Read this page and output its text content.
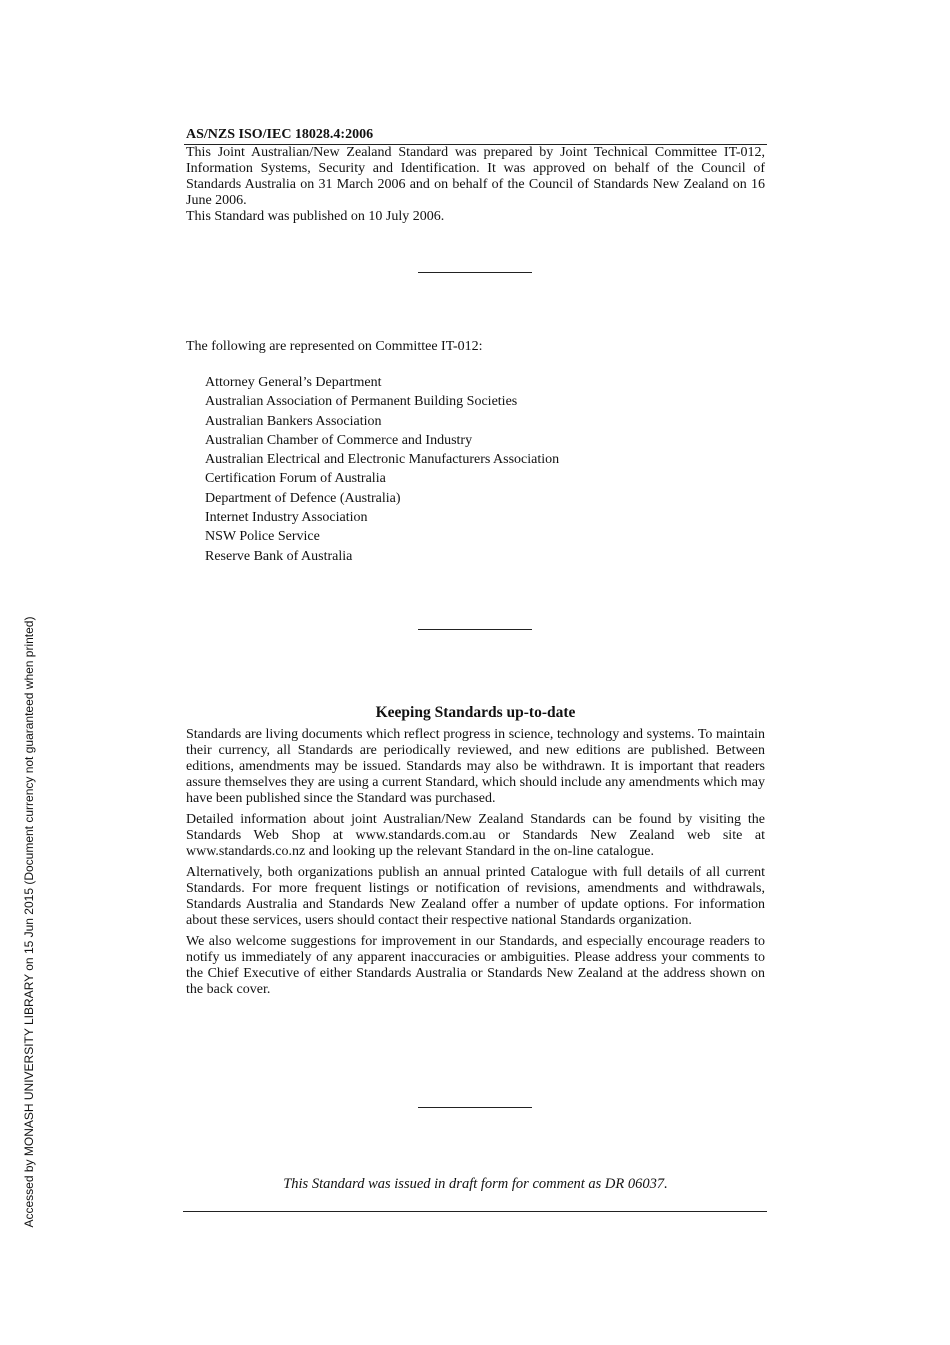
AS/NZS ISO/IEC 18028.4:2006

This Joint Australian/New Zealand Standard was prepared by Joint Technical Committee IT-012, Information Systems, Security and Identification. It was approved on behalf of the Council of Standards Australia on 31 March 2006 and on behalf of the Council of Standards New Zealand on 16 June 2006.

This Standard was published on 10 July 2006.

The following are represented on Committee IT-012:
Attorney General’s Department
Australian Association of Permanent Building Societies
Australian Bankers Association
Australian Chamber of Commerce and Industry
Australian Electrical and Electronic Manufacturers Association
Certification Forum of Australia
Department of Defence (Australia)
Internet Industry Association
NSW Police Service
Reserve Bank of Australia
Keeping Standards up-to-date

Standards are living documents which reflect progress in science, technology and systems. To maintain their currency, all Standards are periodically reviewed, and new editions are published. Between editions, amendments may be issued. Standards may also be withdrawn. It is important that readers assure themselves they are using a current Standard, which should include any amendments which may have been published since the Standard was purchased.

Detailed information about joint Australian/New Zealand Standards can be found by visiting the Standards Web Shop at www.standards.com.au or Standards New Zealand web site at www.standards.co.nz and looking up the relevant Standard in the on-line catalogue.

Alternatively, both organizations publish an annual printed Catalogue with full details of all current Standards. For more frequent listings or notification of revisions, amendments and withdrawals, Standards Australia and Standards New Zealand offer a number of update options. For information about these services, users should contact their respective national Standards organization.

We also welcome suggestions for improvement in our Standards, and especially encourage readers to notify us immediately of any apparent inaccuracies or ambiguities. Please address your comments to the Chief Executive of either Standards Australia or Standards New Zealand at the address shown on the back cover.

This Standard was issued in draft form for comment as DR 06037.
Accessed by MONASH UNIVERSITY LIBRARY on 15 Jun 2015 (Document currency not guaranteed when printed)
